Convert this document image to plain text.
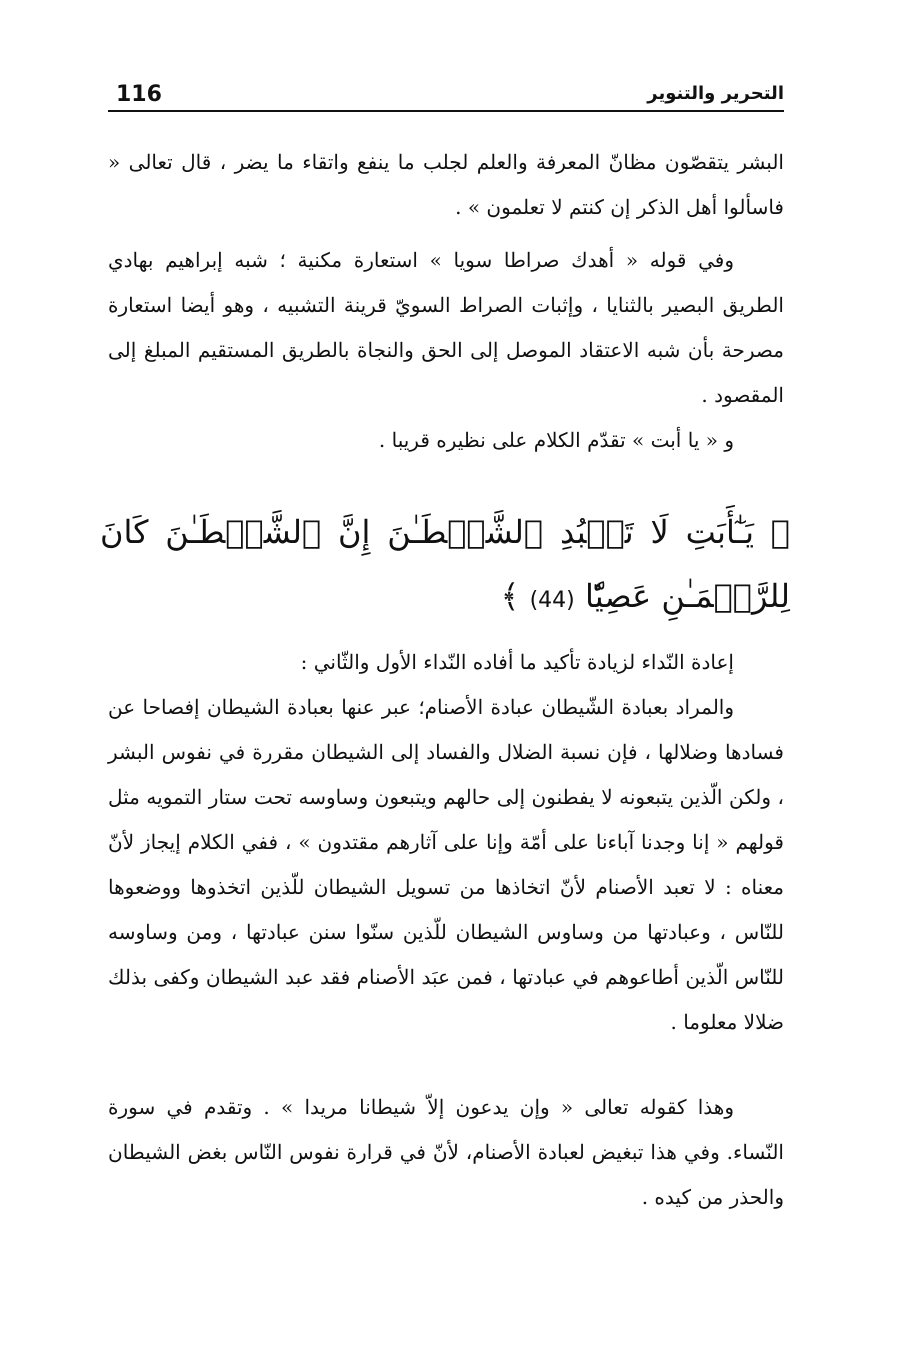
116	التحرير والتنوير

البشر يتقصّون مظانّ المعرفة والعلم لجلب ما ينفع واتقاء ما يضر ، قال تعالى « فاسألوا أهل الذكر إن كنتم لا تعلمون » .

وفي قوله « أهدك صراطا سويا » استعارة مكنية ؛ شبه إبراهيم بهادي الطريق البصير بالثنايا ، وإثبات الصراط السويّ قرينة التشبيه ، وهو أيضا استعارة مصرحة بأن شبه الاعتقاد الموصل إلى الحق والنجاة بالطريق المستقيم المبلغ إلى المقصود .

و « يا أبت » تقدّم الكلام على نظيره قريبا .

﴿ يَـٰٓأَبَتِ لَا تَعۡبُدِ ٱلشَّيۡطَـٰنَ إِنَّ ٱلشَّيۡطَـٰنَ كَانَ لِلرَّحۡمَـٰنِ عَصِيّٗا (44) ﴾

إعادة النّداء لزيادة تأكيد ما أفاده النّداء الأول والثّاني :

والمراد بعبادة الشّيطان عبادة الأصنام؛ عبر عنها بعبادة الشيطان إفصاحا عن فسادها وضلالها ، فإن نسبة الضلال والفساد إلى الشيطان مقررة في نفوس البشر ، ولكن الّذين يتبعونه لا يفطنون إلى حالهم ويتبعون وساوسه تحت ستار التمويه مثل قولهم « إنا وجدنا آباءنا على أمّة وإنا على آثارهم مقتدون » ، ففي الكلام إيجاز لأنّ معناه : لا تعبد الأصنام لأنّ اتخاذها من تسويل الشيطان للّذين اتخذوها ووضعوها للنّاس ، وعبادتها من وساوس الشيطان للّذين سنّوا سنن عبادتها ، ومن وساوسه للنّاس الّذين أطاعوهم في عبادتها ، فمن عبَد الأصنام فقد عبد الشيطان وكفى بذلك ضلالا معلوما .

وهذا كقوله تعالى « وإن يدعون إلاّ شيطانا مريدا » . وتقدم في سورة النّساء. وفي هذا تبغيض لعبادة الأصنام، لأنّ في قرارة نفوس النّاس بغض الشيطان والحذر من كيده .
